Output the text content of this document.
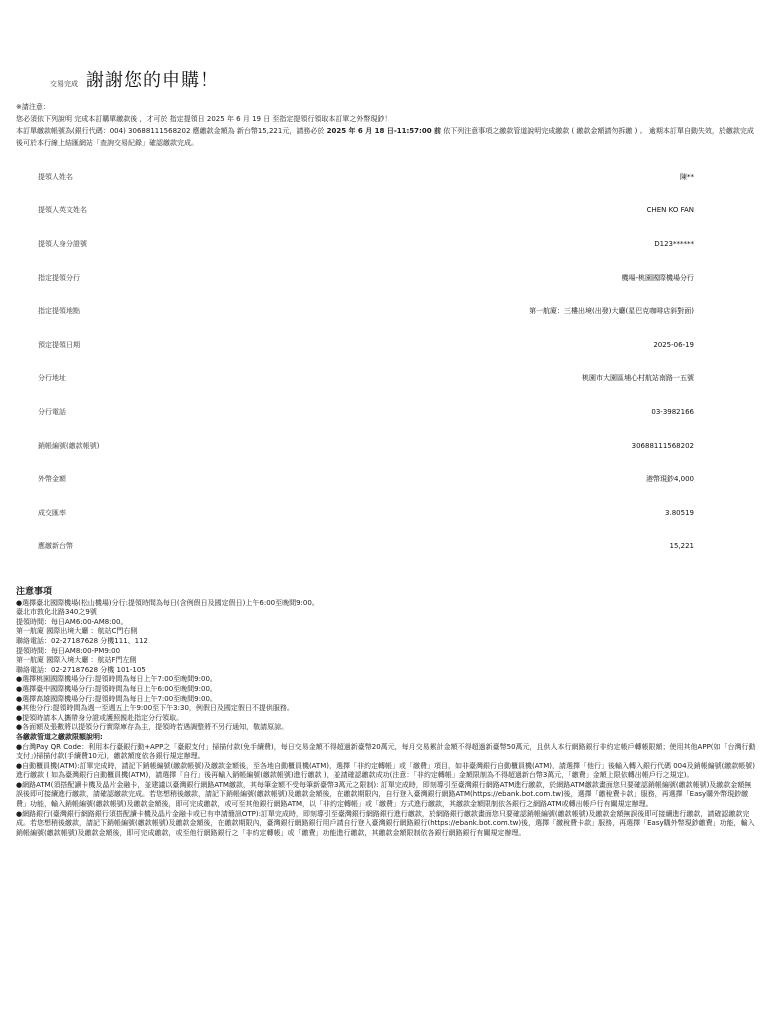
交易完成 謝謝您的申購！
※請注意：
您必須依下列說明 完成本訂購單繳款後 ，才可於 指定提領日 2025 年 6 月 19 日 至指定提領行領取本訂單之外幣現鈔！
本訂單繳款帳號為(銀行代碼：004) 30688111568202 應繳款金額為 新台幣15,221元，請務必於 2025 年 6 月 18 日-11:57:00 前 依下列注意事項之繳款管道說明完成繳款 ( 繳款金額請勿拆繳 ) 。 逾期本訂單自動失效，於繳款完成後可於本行線上結匯網站「查詢交易紀錄」確認繳款完成。
提領人姓名	陳**
提領人英文姓名	CHEN KO FAN
提領人身分證號	D123******
指定提領分行	機場-桃園國際機場分行
指定提領地點	第一航廈：三樓出境(出發)大廳(星巴克咖啡店斜對面)
預定提領日期	2025-06-19
分行地址	桃園市大園區埔心村航站南路一五號
分行電話	03-3982166
銷帳編號(繳款帳號)	30688111568202
外幣金額	港幣現鈔4,000
成交匯率	3.80519
應繳新台幣	15,221
注意事項
●選擇臺北國際機場(松山機場)分行:提領時間為每日(含例假日及國定假日)上午6:00至晚間9:00。
臺北市敦化北路340之9號
提領時間：每日AM6:00-AM8:00。
第一航廈 國際出境大廳 ：航站C門右側
聯絡電話：02-27187628 分機111、112
提領時間：每日AM8:00-PM9:00
第一航廈 國際入境大廳 ：航站F門左側
聯絡電話：02-27187628 分機 101-105
●選擇桃園國際機場分行:提領時間為每日上午7:00至晚間9:00。
●選擇臺中國際機場分行:提領時間為每日上午6:00至晚間9:00。
●選擇高雄國際機場分行:提領時間為每日上午7:00至晚間9:00。
●其他分行:提領時間為週一至週五上午9:00至下午3:30，例假日及國定假日不提供服務。
●提領時請本人攜帶身分證或護照親赴指定分行領取。
●各面額及張數將以提領分行實際庫存為主，提領時若遇調整將不另行通知，敬請原諒。
各繳款管道之繳款限額說明:
●台灣Pay QR Code：利用本行臺銀行動+APP之「臺銀支付」掃描付款(免手續費)，每日交易金額不得超過新臺幣20萬元，每月交易累計金額不得超過新臺幣50萬元，且供人本行網路銀行非約定帳戶轉帳限額；使用其他APP(如「台灣行動支付」)掃描付款(手續費10元)，繳款額度依各銀行規定辦理。
●自動櫃員機(ATM):訂單完成時，請記下銷帳編號(繳款帳號)及繳款金額後，至各地自動櫃員機(ATM)，選擇「非約定轉帳」或「繳費」項目，如非臺灣銀行自動櫃員機(ATM)，請選擇「他行」後輸入轉入銀行代碼 004及銷帳編號(繳款帳號)進行繳款 ( 如為臺灣銀行自動櫃員機(ATM)，請選擇「自行」後再輸入銷帳編號(繳款帳號)進行繳款 )，並請確認繳款成功(注意：「非約定轉帳」金額限制為不得超過新台幣3萬元，「繳費」金額上限依轉出帳戶行之規定)。
●網路ATM(須搭配讀卡機及晶片金融卡，並建議以臺灣銀行網路ATM繳款，其每筆金額不受每筆新臺幣3萬元之限制): 訂單完成時，即刻導引至臺灣銀行網路ATM進行繳款，於網路ATM繳款畫面您只要確認銷帳編號(繳款帳號)及繳款金額無誤後即可接續進行繳款，請確認繳款完成。若您想稍後繳款，請記下銷帳編號(繳款帳號)及繳款金額後，在繳款期限內，自行登入臺灣銀行網路ATM(https://ebank.bot.com.tw)後，選擇「繳稅費卡款」服務，再選擇「Easy購外幣現鈔繳費」功能，輸入銷帳編號(繳款帳號)及繳款金額後，即可完成繳款，或可至其他銀行網路ATM，以「非約定轉帳」或「繳費」方式進行繳款，其繳款金額限制依各銀行之網路ATM或轉出帳戶行有關規定辦理。
●網路銀行(臺灣銀行網路銀行須搭配讀卡機及晶片金融卡或已有申請簡訊OTP):訂單完成時，即刻導引至臺灣銀行網路銀行進行繳款，於網路銀行繳款畫面您只要確認銷帳編號(繳款帳號)及繳款金額無誤後即可接續進行繳款，請確認繳款完成。若您想稍後繳款，請記下銷帳編號(繳款帳號)及繳款金額後，在繳款期限內，臺灣銀行網路銀行用戶請自行登入臺灣銀行網路銀行(https://ebank.bot.com.tw)後，選擇「繳稅費卡款」服務，再選擇「Easy購外幣現鈔繳費」功能，輸入銷帳編號(繳款帳號)及繳款金額後，即可完成繳款，或至他行網路銀行之「非約定轉帳」或「繳費」功能進行繳款，其繳款金額限制依各銀行網路銀行有關規定辦理。
